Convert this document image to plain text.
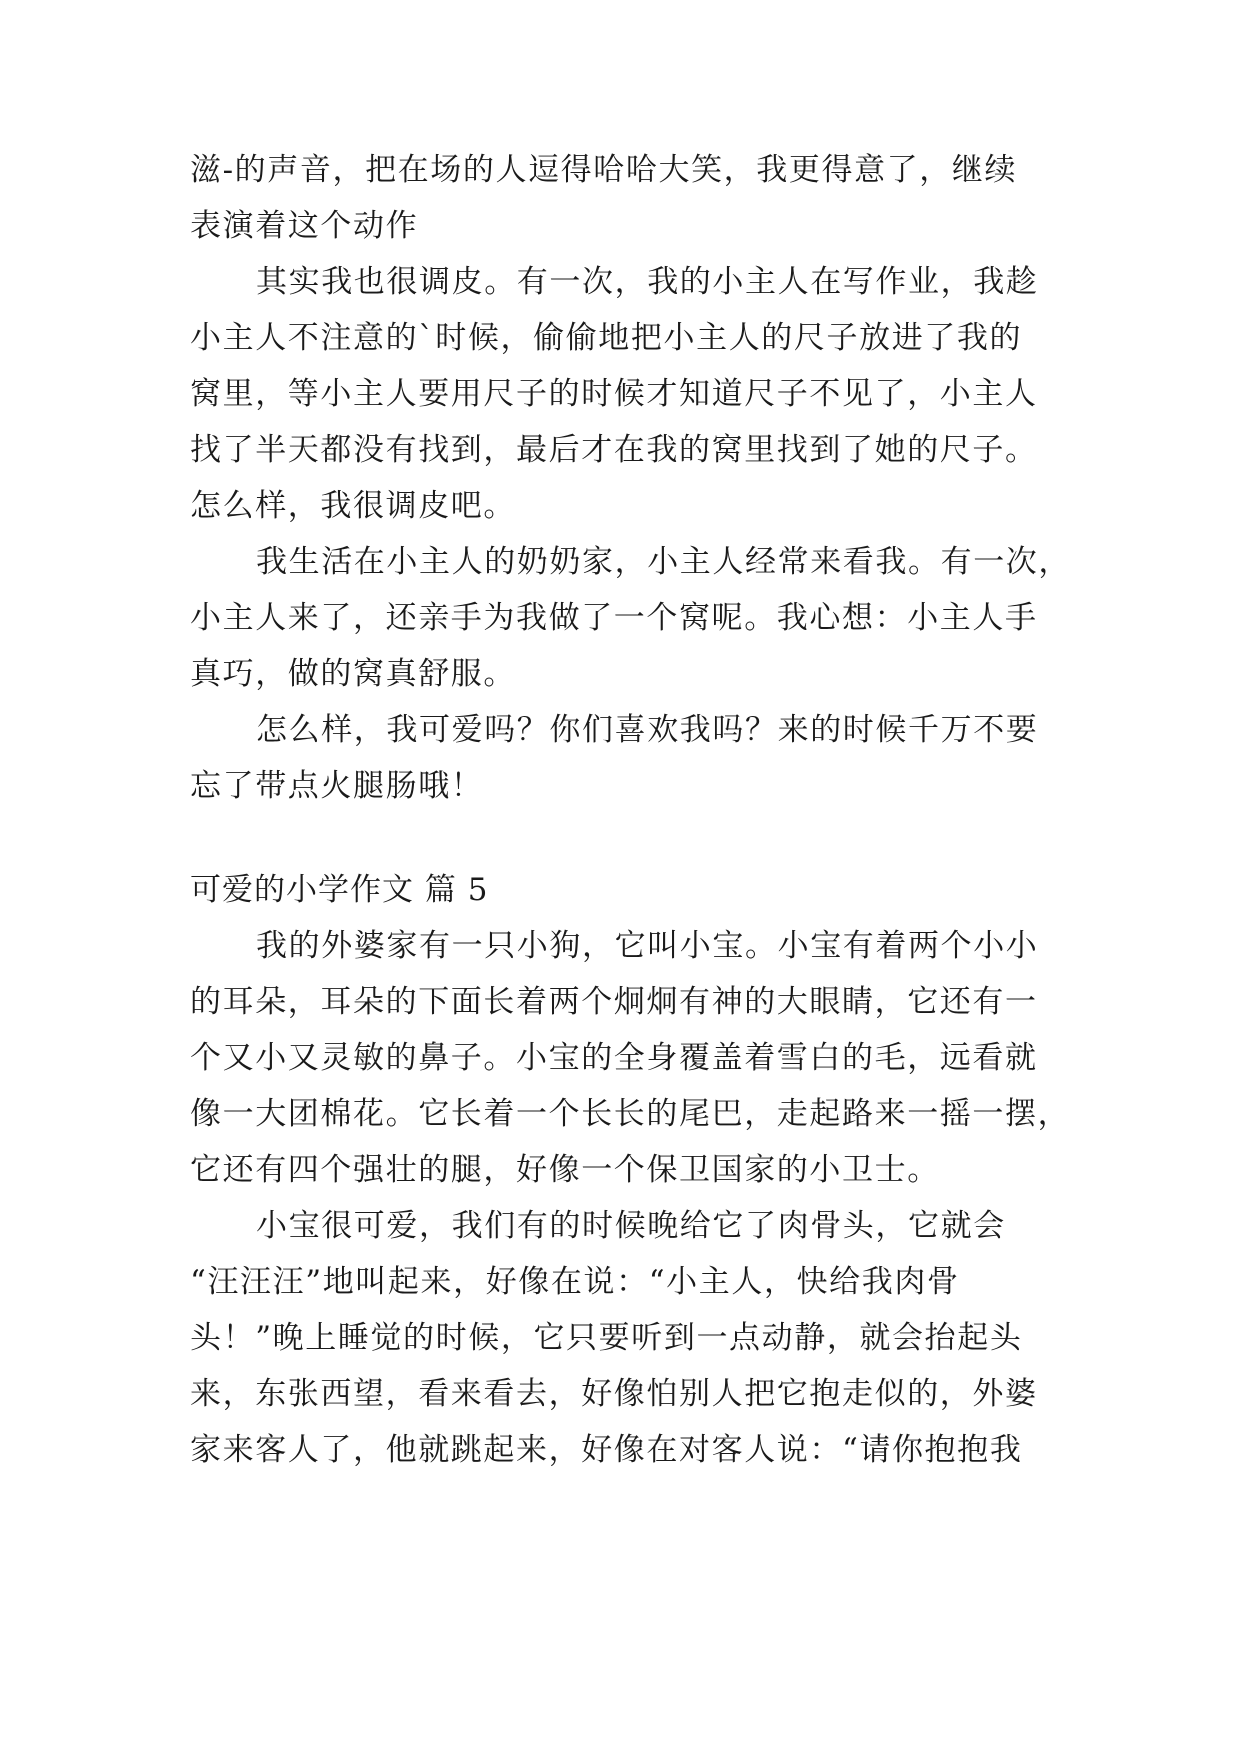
滋-的声音，把在场的人逗得哈哈大笑，我更得意了，继续

表演着这个动作

其实我也很调皮。有一次，我的小主人在写作业，我趁

小主人不注意的`时候，偷偷地把小主人的尺子放进了我的

窝里，等小主人要用尺子的时候才知道尺子不见了，小主人

找了半天都没有找到，最后才在我的窝里找到了她的尺子。

怎么样，我很调皮吧。

我生活在小主人的奶奶家，小主人经常来看我。有一次，

小主人来了，还亲手为我做了一个窝呢。我心想：小主人手

真巧，做的窝真舒服。

怎么样，我可爱吗？你们喜欢我吗？来的时候千万不要

忘了带点火腿肠哦！

可爱的小学作文 篇 5

我的外婆家有一只小狗，它叫小宝。小宝有着两个小小

的耳朵，耳朵的下面长着两个炯炯有神的大眼睛，它还有一

个又小又灵敏的鼻子。小宝的全身覆盖着雪白的毛，远看就

像一大团棉花。它长着一个长长的尾巴，走起路来一摇一摆，

它还有四个强壮的腿，好像一个保卫国家的小卫士。

小宝很可爱，我们有的时候晚给它了肉骨头，它就会

“汪汪汪”地叫起来，好像在说：“小主人，快给我肉骨

头！”晚上睡觉的时候，它只要听到一点动静，就会抬起头

来，东张西望，看来看去，好像怕别人把它抱走似的，外婆

家来客人了，他就跳起来，好像在对客人说：“请你抱抱我
